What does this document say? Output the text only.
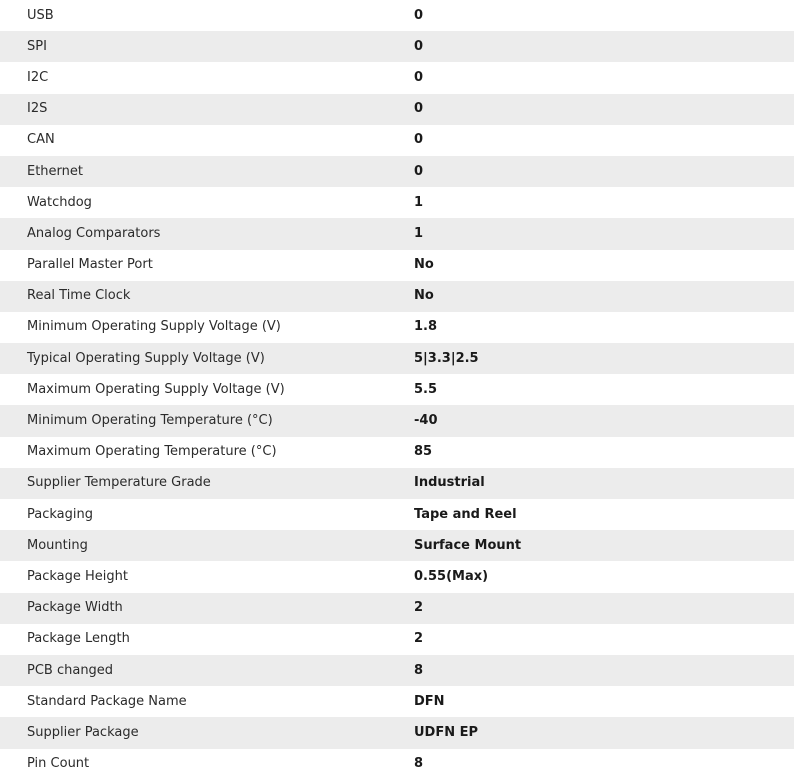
USB	0
SPI	0
I2C	0
I2S	0
CAN	0
Ethernet	0
Watchdog	1
Analog Comparators	1
Parallel Master Port	No
Real Time Clock	No
Minimum Operating Supply Voltage (V)	1.8
Typical Operating Supply Voltage (V)	5|3.3|2.5
Maximum Operating Supply Voltage (V)	5.5
Minimum Operating Temperature (°C)	-40
Maximum Operating Temperature (°C)	85
Supplier Temperature Grade	Industrial
Packaging	Tape and Reel
Mounting	Surface Mount
Package Height	0.55(Max)
Package Width	2
Package Length	2
PCB changed	8
Standard Package Name	DFN
Supplier Package	UDFN EP
Pin Count	8
